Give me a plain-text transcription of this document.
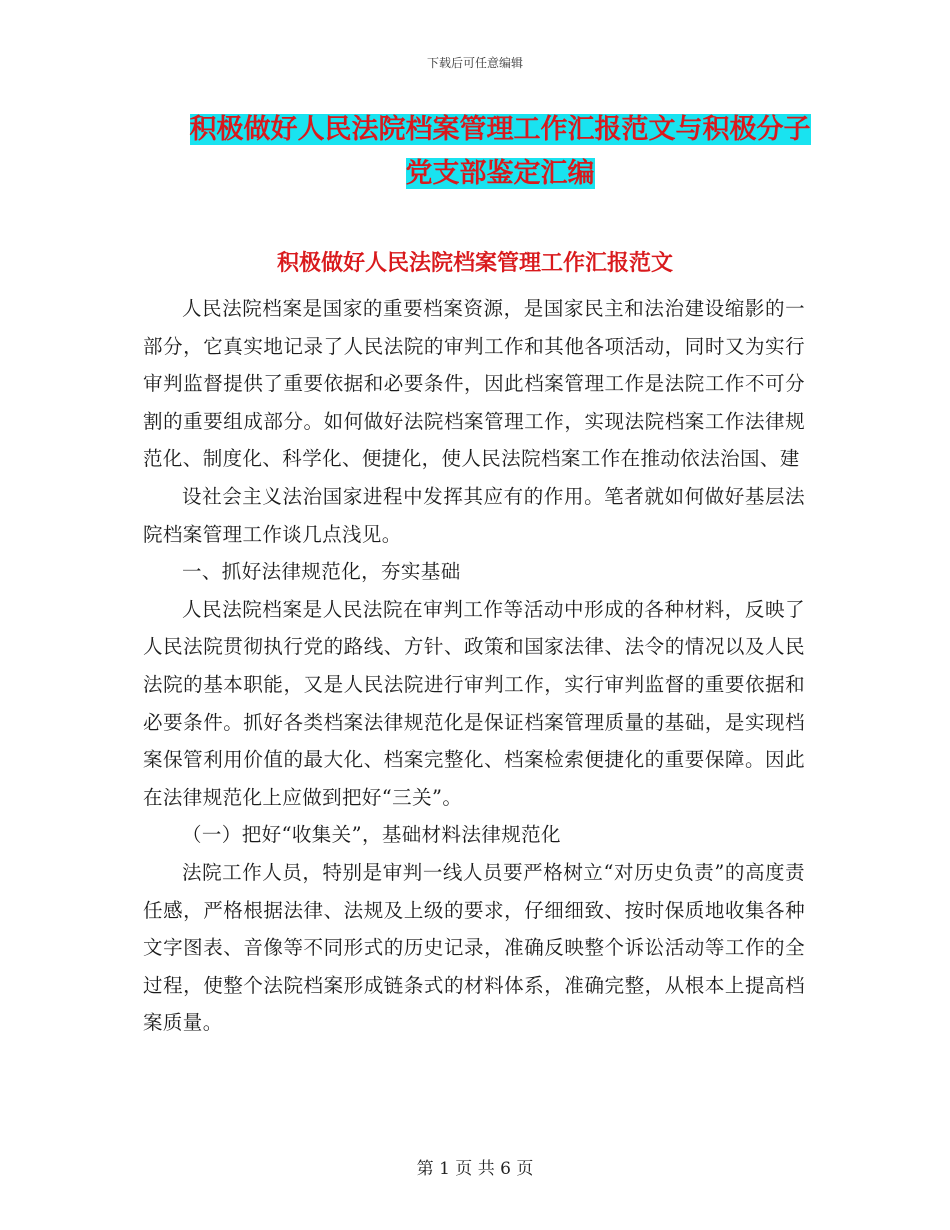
下载后可任意编辑
积极做好人民法院档案管理工作汇报范文与积极分子
党支部鉴定汇编
积极做好人民法院档案管理工作汇报范文

人民法院档案是国家的重要档案资源，是国家民主和法治建设缩影的一部分，它真实地记录了人民法院的审判工作和其他各项活动，同时又为实行审判监督提供了重要依据和必要条件，因此档案管理工作是法院工作不可分割的重要组成部分。如何做好法院档案管理工作，实现法院档案工作法律规范化、制度化、科学化、便捷化，使人民法院档案工作在推动依法治国、建

设社会主义法治国家进程中发挥其应有的作用。笔者就如何做好基层法院档案管理工作谈几点浅见。

一、抓好法律规范化，夯实基础

人民法院档案是人民法院在审判工作等活动中形成的各种材料，反映了人民法院贯彻执行党的路线、方针、政策和国家法律、法令的情况以及人民法院的基本职能，又是人民法院进行审判工作，实行审判监督的重要依据和必要条件。抓好各类档案法律规范化是保证档案管理质量的基础，是实现档案保管利用价值的最大化、档案完整化、档案检索便捷化的重要保障。因此在法律规范化上应做到把好“三关”。

（一）把好“收集关”，基础材料法律规范化

法院工作人员，特别是审判一线人员要严格树立“对历史负责”的高度责任感，严格根据法律、法规及上级的要求，仔细细致、按时保质地收集各种文字图表、音像等不同形式的历史记录，准确反映整个诉讼活动等工作的全过程，使整个法院档案形成链条式的材料体系，准确完整，从根本上提高档案质量。

第 1 页 共 6 页
